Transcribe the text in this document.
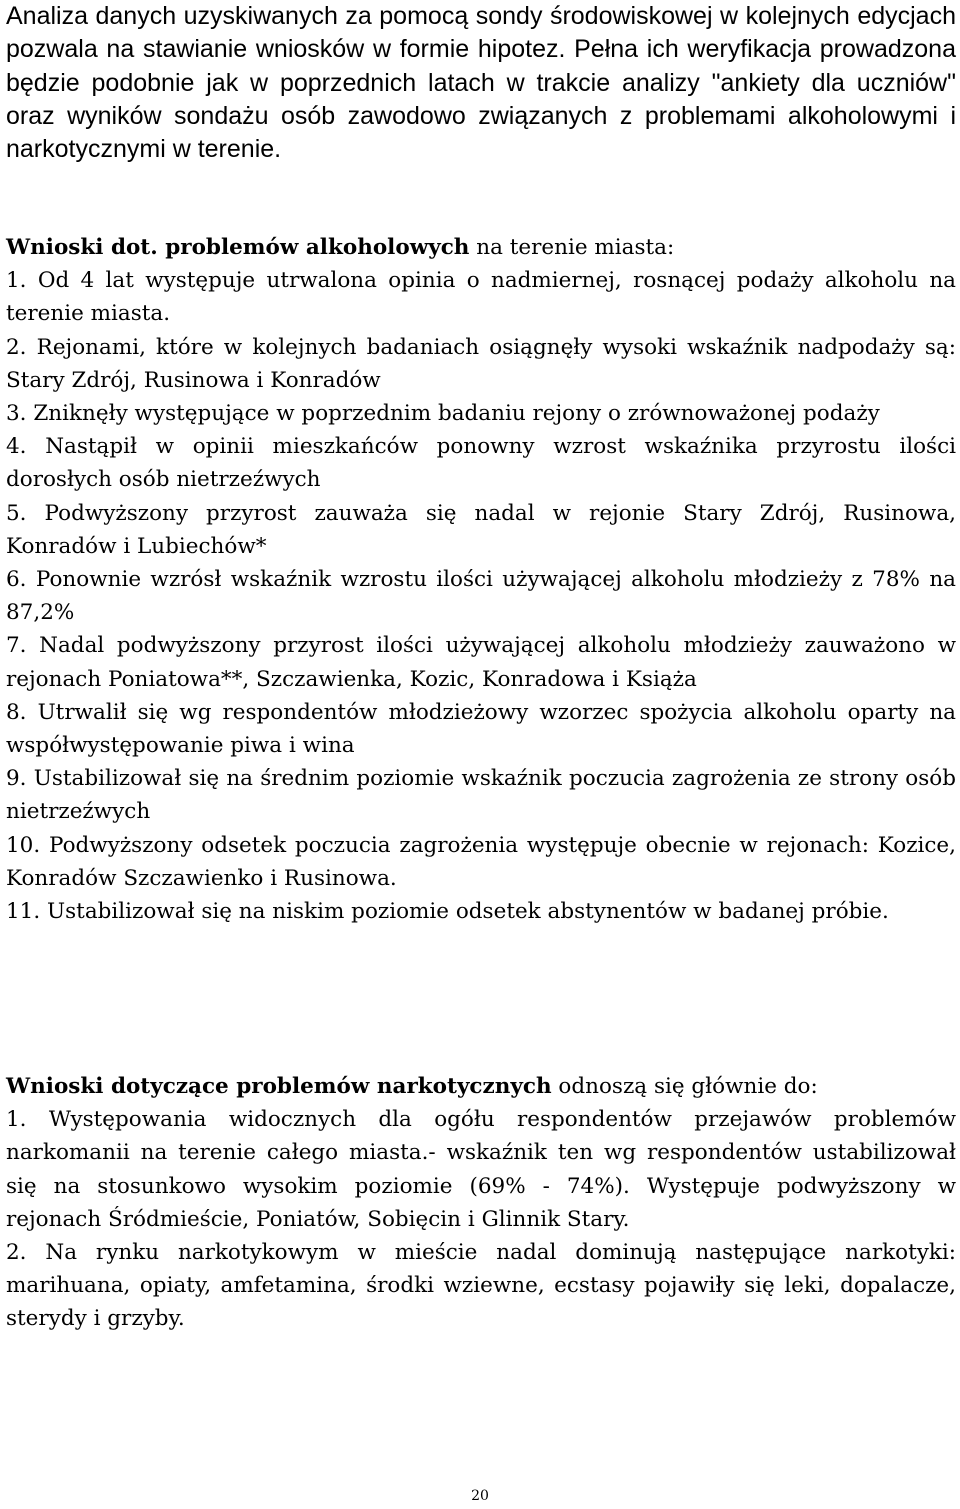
Analiza danych uzyskiwanych za pomocą sondy środowiskowej w kolejnych edycjach pozwala na stawianie wniosków w formie hipotez. Pełna ich weryfikacja prowadzona będzie podobnie jak w poprzednich latach w trakcie analizy "ankiety dla uczniów" oraz wyników sondażu osób zawodowo związanych z problemami alkoholowymi i narkotycznymi w terenie.

Wnioski dot. problemów alkoholowych na terenie miasta:

1. Od 4 lat występuje utrwalona opinia o nadmiernej, rosnącej podaży alkoholu na terenie miasta.

2. Rejonami, które w kolejnych badaniach osiągnęły wysoki wskaźnik nadpodaży są: Stary Zdrój, Rusinowa i Konradów

3. Zniknęły występujące w poprzednim badaniu rejony o zrównoważonej podaży

4. Nastąpił w opinii mieszkańców ponowny wzrost wskaźnika przyrostu ilości dorosłych osób nietrzeźwych

5. Podwyższony przyrost zauważa się nadal w rejonie Stary Zdrój, Rusinowa, Konradów i Lubiechów*

6. Ponownie wzrósł wskaźnik wzrostu ilości używającej alkoholu młodzieży z 78% na 87,2%

7. Nadal podwyższony przyrost ilości używającej alkoholu młodzieży zauważono w rejonach Poniatowa**, Szczawienka, Kozic, Konradowa i Książa

8. Utrwalił się wg respondentów młodzieżowy wzorzec spożycia alkoholu oparty na współwystępowanie piwa i wina

9. Ustabilizował się na średnim poziomie wskaźnik poczucia zagrożenia ze strony osób nietrzeźwych

10. Podwyższony odsetek poczucia zagrożenia występuje obecnie w rejonach: Kozice, Konradów Szczawienko i Rusinowa.

11. Ustabilizował się na niskim poziomie odsetek abstynentów w badanej próbie.

Wnioski dotyczące problemów narkotycznych odnoszą się głównie do:

1. Występowania widocznych dla ogółu respondentów przejawów problemów narkomanii na terenie całego miasta.- wskaźnik ten wg respondentów ustabilizował się na stosunkowo wysokim poziomie (69% - 74%). Występuje podwyższony w rejonach Śródmieście, Poniatów, Sobięcin i Glinnik Stary.

2. Na rynku narkotykowym w mieście nadal dominują następujące narkotyki: marihuana, opiaty, amfetamina, środki wziewne, ecstasy pojawiły się leki, dopalacze, sterydy i grzyby.

20
